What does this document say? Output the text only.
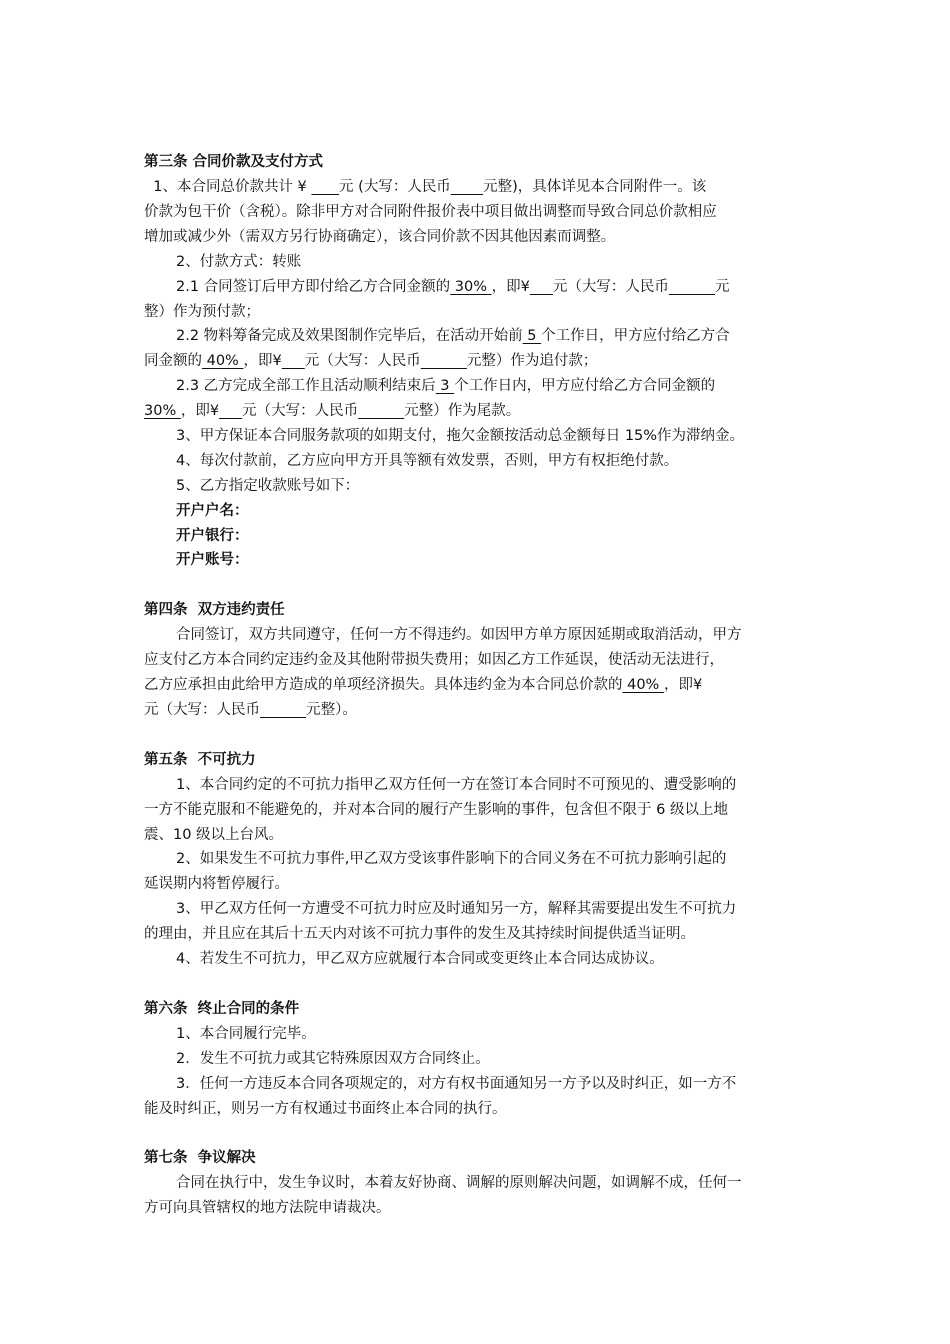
第三条 合同价款及支付方式
1、本合同总价款共计 ¥       元 (大写：人民币 元整)，具体详见本合同附件一。该
价款为包干价（含税）。除非甲方对合同附件报价表中项目做出调整而导致合同总价款相应
增加或减少外（需双方另行协商确定），该合同价款不因其他因素而调整。
2、付款方式：转账
2.1 合同签订后甲方即付给乙方合同金额的 30% ，即¥ 元（大写：人民币	元
整）作为预付款；
2.2 物料筹备完成及效果图制作完毕后，在活动开始前 5 个工作日，甲方应付给乙方合
同金额的 40% ，即¥ 元（大写：人民币	元整）作为追付款；
2.3 乙方完成全部工作且活动顺利结束后 3 个工作日内，甲方应付给乙方合同金额的
30% ，即¥ 元（大写：人民币	元整）作为尾款。
3、甲方保证本合同服务款项的如期支付，拖欠金额按活动总金额每日 15%作为滞纳金。
4、每次付款前，乙方应向甲方开具等额有效发票，否则，甲方有权拒绝付款。
5、乙方指定收款账号如下：
开户户名：
开户银行：
开户账号：
第四条  双方违约责任
合同签订，双方共同遵守，任何一方不得违约。如因甲方单方原因延期或取消活动，甲方
应支付乙方本合同约定违约金及其他附带损失费用；如因乙方工作延误，使活动无法进行，
乙方应承担由此给甲方造成的单项经济损失。具体违约金为本合同总价款的 40% ，即¥
元（大写：人民币	元整）。
第五条  不可抗力
1、本合同约定的不可抗力指甲乙双方任何一方在签订本合同时不可预见的、遭受影响的
一方不能克服和不能避免的，并对本合同的履行产生影响的事件，包含但不限于 6 级以上地
震、10 级以上台风。
2、如果发生不可抗力事件,甲乙双方受该事件影响下的合同义务在不可抗力影响引起的
延误期内将暂停履行。
3、甲乙双方任何一方遭受不可抗力时应及时通知另一方，解释其需要提出发生不可抗力
的理由，并且应在其后十五天内对该不可抗力事件的发生及其持续时间提供适当证明。
4、若发生不可抗力，甲乙双方应就履行本合同或变更终止本合同达成协议。
第六条  终止合同的条件
1、本合同履行完毕。
2．发生不可抗力或其它特殊原因双方合同终止。
3．任何一方违反本合同各项规定的，对方有权书面通知另一方予以及时纠正，如一方不
能及时纠正，则另一方有权通过书面终止本合同的执行。
第七条  争议解决
合同在执行中，发生争议时，本着友好协商、调解的原则解决问题，如调解不成，任何一
方可向具管辖权的地方法院申请裁决。
